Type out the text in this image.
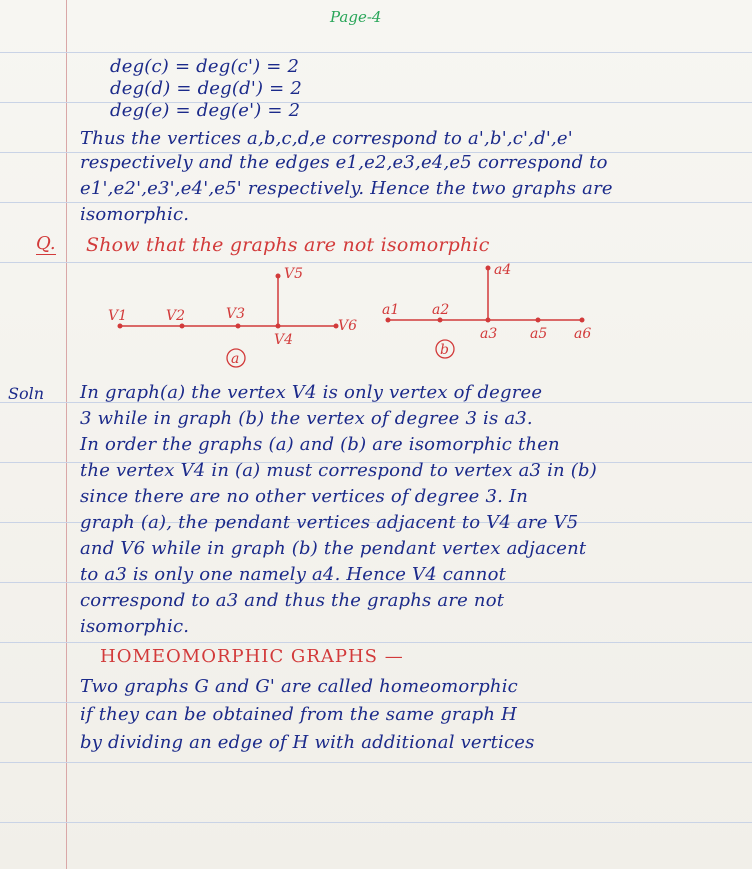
Page-4
deg(c) = deg(c') = 2
deg(d) = deg(d') = 2
deg(e) = deg(e') = 2
Thus the vertices a,b,c,d,e correspond to a',b',c',d',e'
respectively and the edges e1,e2,e3,e4,e5 correspond to
e1',e2',e3',e4',e5' respectively. Hence the two graphs are
isomorphic.
Q. Show that the graphs are not isomorphic
V1	V2	V3
V4
V5
V6
a
a1 a2
a3
a4
a5 a6
b
Soln In graph(a) the vertex V4 is only vertex of degree
3 while in graph (b) the vertex of degree 3 is a3.
In order the graphs (a) and (b) are isomorphic then
the vertex V4 in (a) must correspond to vertex a3 in (b)
since there are no other vertices of degree 3. In
graph (a), the pendant vertices adjacent to V4 are V5
and V6 while in graph (b) the pendant vertex adjacent
to a3 is only one namely a4. Hence V4 cannot
correspond to a3 and thus the graphs are not
isomorphic.
HOMEOMORPHIC GRAPHS —
Two graphs G and G' are called homeomorphic
if they can be obtained from the same graph H
by dividing an edge of H with additional vertices
